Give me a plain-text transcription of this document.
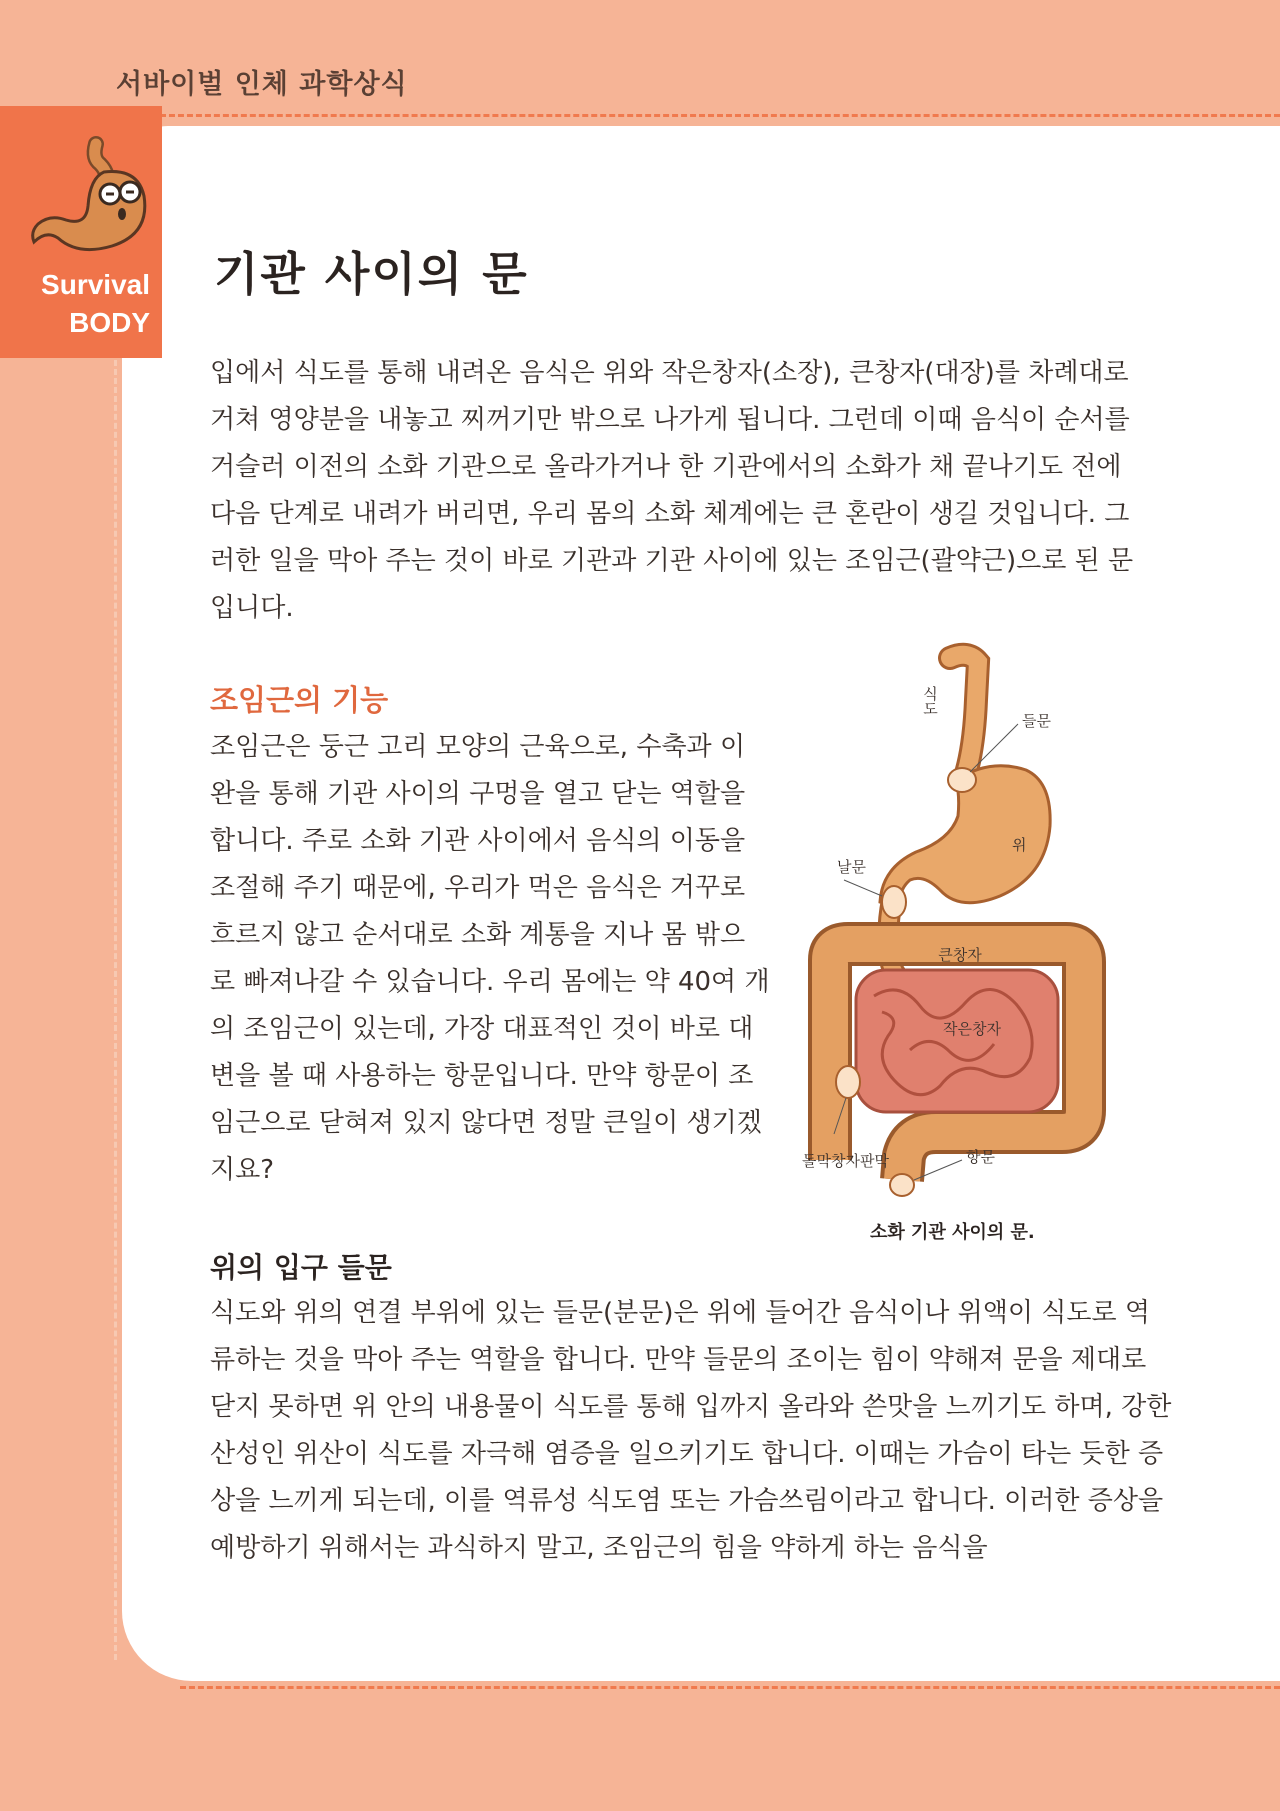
서바이벌 인체 과학상식
Survival
BODY
기관 사이의 문

입에서 식도를 통해 내려온 음식은 위와 작은창자(소장), 큰창자(대장)를 차례대로 거쳐 영양분을 내놓고 찌꺼기만 밖으로 나가게 됩니다. 그런데 이때 음식이 순서를 거슬러 이전의 소화 기관으로 올라가거나 한 기관에서의 소화가 채 끝나기도 전에 다음 단계로 내려가 버리면, 우리 몸의 소화 체계에는 큰 혼란이 생길 것입니다. 그러한 일을 막아 주는 것이 바로 기관과 기관 사이에 있는 조임근(괄약근)으로 된 문입니다.

조임근의 기능

조임근은 둥근 고리 모양의 근육으로, 수축과 이완을 통해 기관 사이의 구멍을 열고 닫는 역할을 합니다. 주로 소화 기관 사이에서 음식의 이동을 조절해 주기 때문에, 우리가 먹은 음식은 거꾸로 흐르지 않고 순서대로 소화 계통을 지나 몸 밖으로 빠져나갈 수 있습니다. 우리 몸에는 약 40여 개의 조임근이 있는데, 가장 대표적인 것이 바로 대변을 볼 때 사용하는 항문입니다. 만약 항문이 조임근으로 닫혀져 있지 않다면 정말 큰일이 생기겠지요?

식도
들문
날문
위
큰창자
작은창자
돌막창자판막	항문
소화 기관 사이의 문.
위의 입구 들문

식도와 위의 연결 부위에 있는 들문(분문)은 위에 들어간 음식이나 위액이 식도로 역류하는 것을 막아 주는 역할을 합니다. 만약 들문의 조이는 힘이 약해져 문을 제대로 닫지 못하면 위 안의 내용물이 식도를 통해 입까지 올라와 쓴맛을 느끼기도 하며, 강한 산성인 위산이 식도를 자극해 염증을 일으키기도 합니다. 이때는 가슴이 타는 듯한 증상을 느끼게 되는데, 이를 역류성 식도염 또는 가슴쓰림이라고 합니다. 이러한 증상을 예방하기 위해서는 과식하지 말고, 조임근의 힘을 약하게 하는 음식을
